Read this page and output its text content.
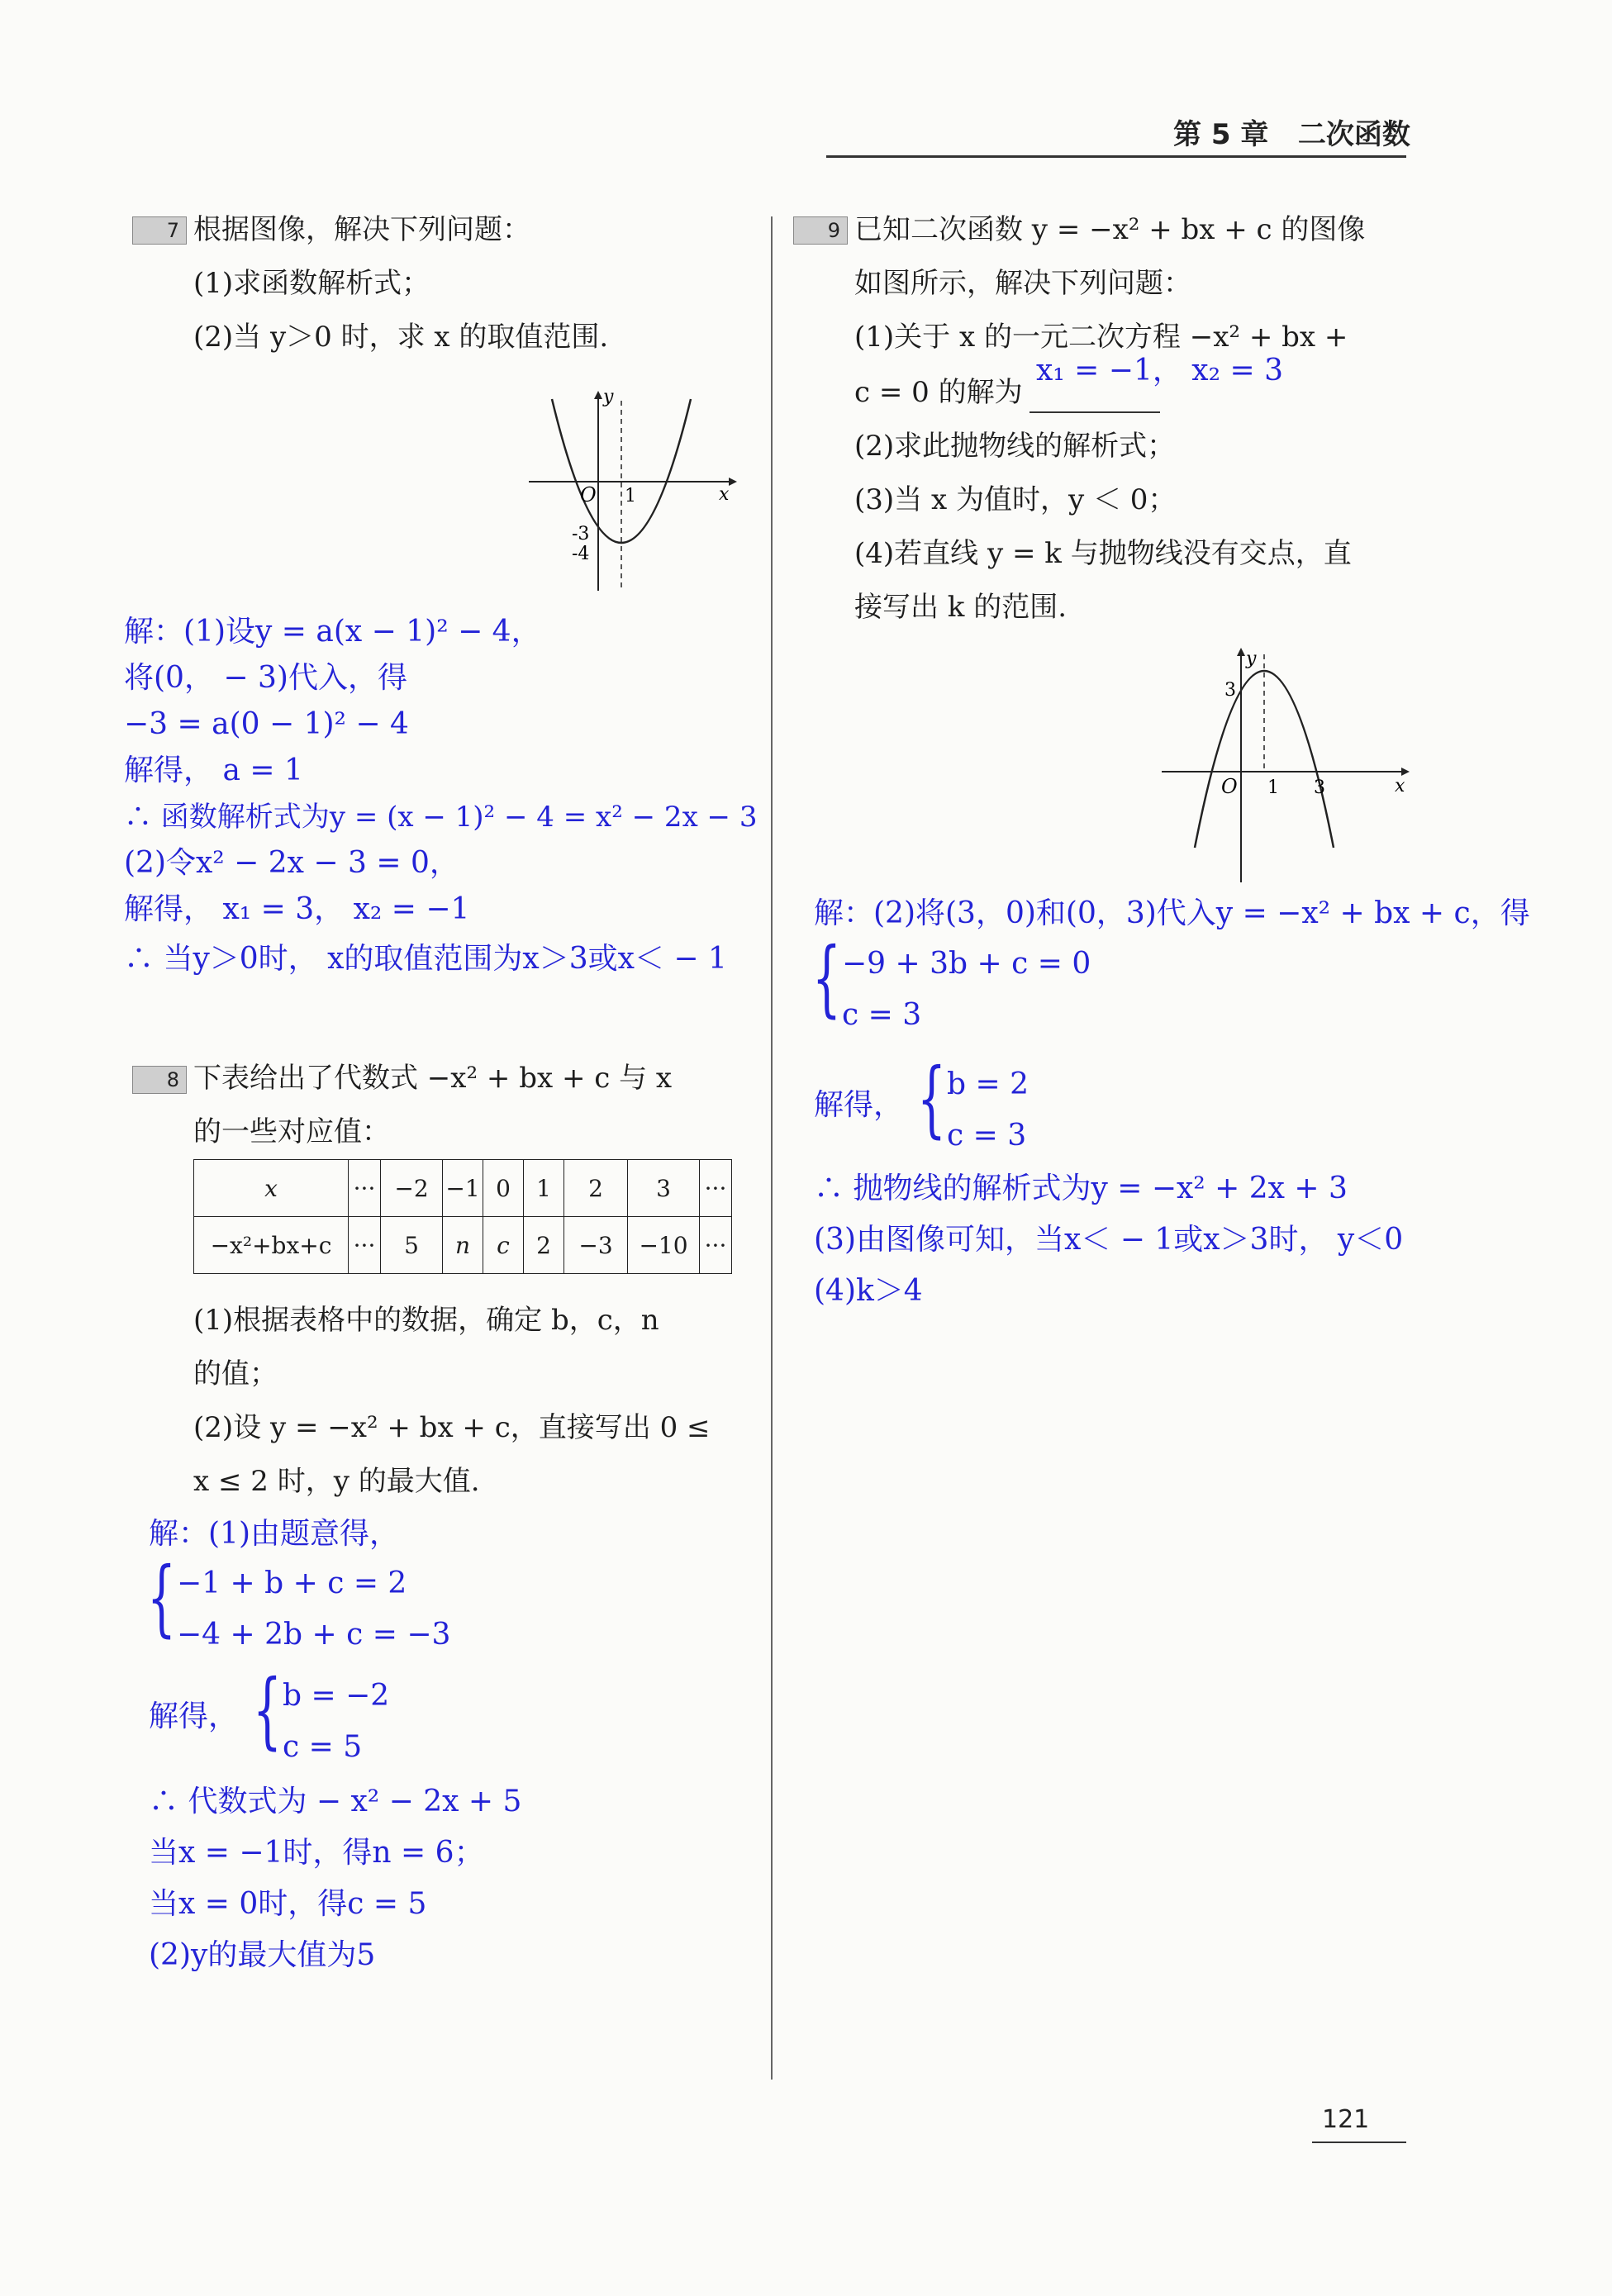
第 5 章 二次函数
7 根据图像，解决下列问题：
(1)求函数解析式；
(2)当 y＞0 时，求 x 的取值范围.
y
x
O 1
-3
-4
解：(1)设y = a(x − 1)² − 4，
将(0， − 3)代入，得
−3 = a(0 − 1)² − 4
解得， a = 1
∴ 函数解析式为y = (x − 1)² − 4 = x² − 2x − 3
(2)令x² − 2x − 3 = 0，
解得， x₁ = 3， x₂ = −1
∴ 当y＞0时， x的取值范围为x＞3或x＜ − 1
8 下表给出了代数式 −x² + bx + c 与 x
的一些对应值：
x	···	−2	−1	0	1	2	3	···
−x²+bx+c	···	5	n	c	2	−3	−10	···
(1)根据表格中的数据，确定 b，c，n
的值；
(2)设 y = −x² + bx + c，直接写出 0 ≤
x ≤ 2 时，y 的最大值.
解：(1)由题意得，
{ −1 + b + c = 2
−4 + 2b + c = −3
解得， { b = −2
c = 5
∴ 代数式为 − x² − 2x + 5
当x = −1时，得n = 6；
当x = 0时，得c = 5
(2)y的最大值为5
9 已知二次函数 y = −x² + bx + c 的图像
如图所示，解决下列问题：
(1)关于 x 的一元二次方程 −x² + bx +
c = 0 的解为
x₁ = −1， x₂ = 3
(2)求此抛物线的解析式；
(3)当 x 为值时，y ＜ 0；
(4)若直线 y = k 与抛物线没有交点，直
接写出 k 的范围.
y
x
O 1 3
3
解：(2)将(3，0)和(0，3)代入y = −x² + bx + c，得
{ −9 + 3b + c = 0
c = 3
解得， { b = 2
c = 3
∴ 抛物线的解析式为y = −x² + 2x + 3
(3)由图像可知，当x＜ − 1或x＞3时， y＜0
(4)k＞4
121
